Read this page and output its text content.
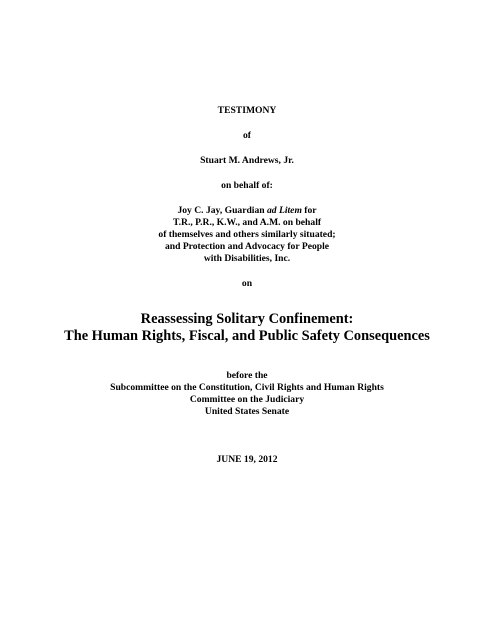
TESTIMONY
of
Stuart M. Andrews, Jr.
on behalf of:
Joy C. Jay, Guardian ad Litem for
T.R., P.R., K.W., and A.M. on behalf
of themselves and others similarly situated;
and Protection and Advocacy for People
with Disabilities, Inc.
on
Reassessing Solitary Confinement:
The Human Rights, Fiscal, and Public Safety Consequences
before the
Subcommittee on the Constitution, Civil Rights and Human Rights
Committee on the Judiciary
United States Senate
JUNE 19, 2012
